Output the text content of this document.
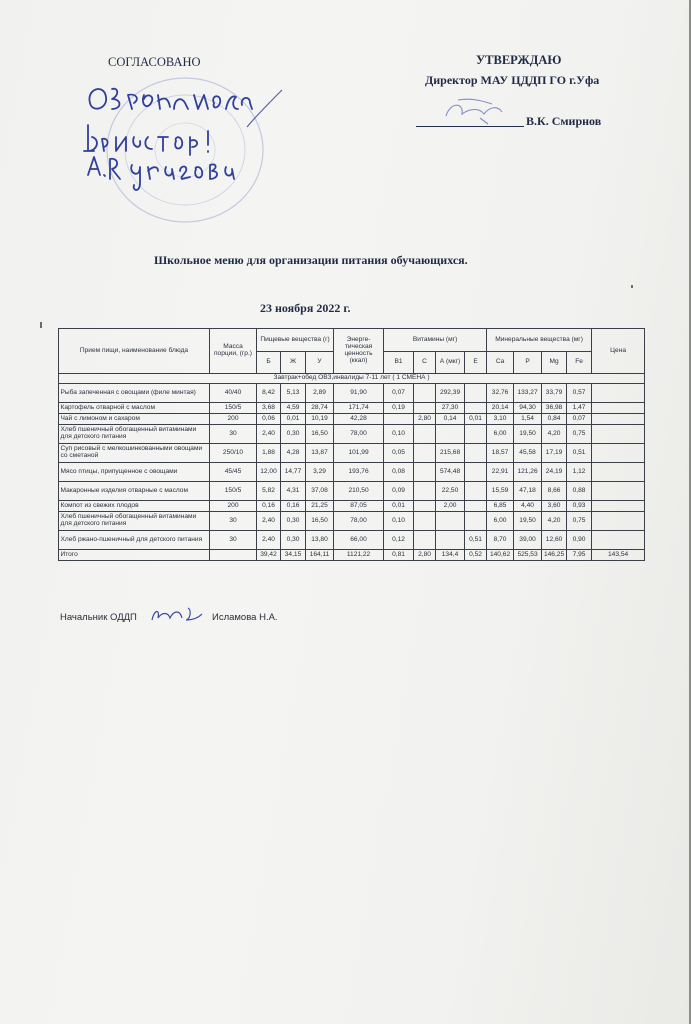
СОГЛАСОВАНО	УТВЕРЖДАЮ
Директор МАУ ЦДДП ГО г.Уфа
В.К. Смирнов
Школьное меню для организации питания обучающихся.
23 ноября 2022 г.
Прием пищи, наименование блюда	Масса порции, (гр.)	Пищевые вещества (г)			Энерге-тическая ценность (ккал)	Витамины (мг)				Минеральные вещества (мг)				Цена
		Б	Ж	У		B1	C	А (мкг)	E	Ca	P	Mg	Fe	
Завтрак+обед ОВЗ,инвалиды 7-11 лет ( 1 СМЕНА )														
Рыба запеченная с овощами (филе минтая)	40/40	8,42	5,13	2,89	91,90	0,07		292,39		32,76	133,27	33,79	0,57	
Картофель отварной с маслом	150/5	3,68	4,59	28,74	171,74	0,19		27,30		20,14	94,30	36,98	1,47	
Чай с лимоном и сахаром	200	0,06	0,01	10,19	42,28		2,80	0,14	0,01	3,10	1,54	0,84	0,07	
Хлеб пшеничный обогащенный витаминами для детского питания	30	2,40	0,30	16,50	78,00	0,10				6,00	19,50	4,20	0,75	
Суп рисовый с мелкошинкованными овощами со сметаной	250/10	1,88	4,28	13,87	101,99	0,05		215,68		18,57	45,58	17,19	0,51	
Мясо птицы, припущенное с овощами	45/45	12,00	14,77	3,29	193,76	0,08		574,48		22,91	121,26	24,19	1,12	
Макаронные изделия отварные с маслом	150/5	5,82	4,31	37,08	210,50	0,09		22,50		15,59	47,18	8,66	0,88	
Компот из свежих плодов	200	0,16	0,16	21,25	87,05	0,01		2,00		6,85	4,40	3,60	0,93	
Хлеб пшеничный обогащенный витаминами для детского питания	30	2,40	0,30	16,50	78,00	0,10				6,00	19,50	4,20	0,75	
Хлеб ржано-пшеничный для детского питания	30	2,40	0,30	13,80	66,00	0,12			0,51	8,70	39,00	12,60	0,90	
Итого		39,42	34,15	164,11	1121,22	0,81	2,80	134,4	0,52	140,62	525,53	146,25	7,95	143,54
Начальник ОДДП	Исламова Н.А.
